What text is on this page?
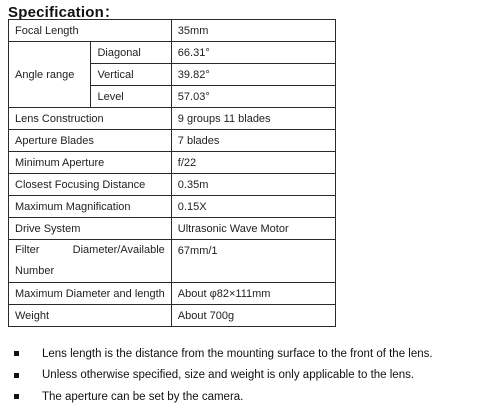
Specification：
Focal Length		35mm
Angle range	Diagonal	66.31°
	Vertical	39.82°
	Level	57.03°
Lens Construction		9 groups 11 blades
Aperture Blades		7 blades
Minimum Aperture		f/22
Closest Focusing Distance		0.35m
Maximum Magnification		0.15X
Drive System		Ultrasonic Wave Motor

Filter Diameter/Available
Number		67mm/1
Maximum Diameter and length		About φ82×111mm
Weight		About 700g
Lens length is the distance from the mounting surface to the front of the lens.
Unless otherwise specified, size and weight is only applicable to the lens.
The aperture can be set by the camera.
